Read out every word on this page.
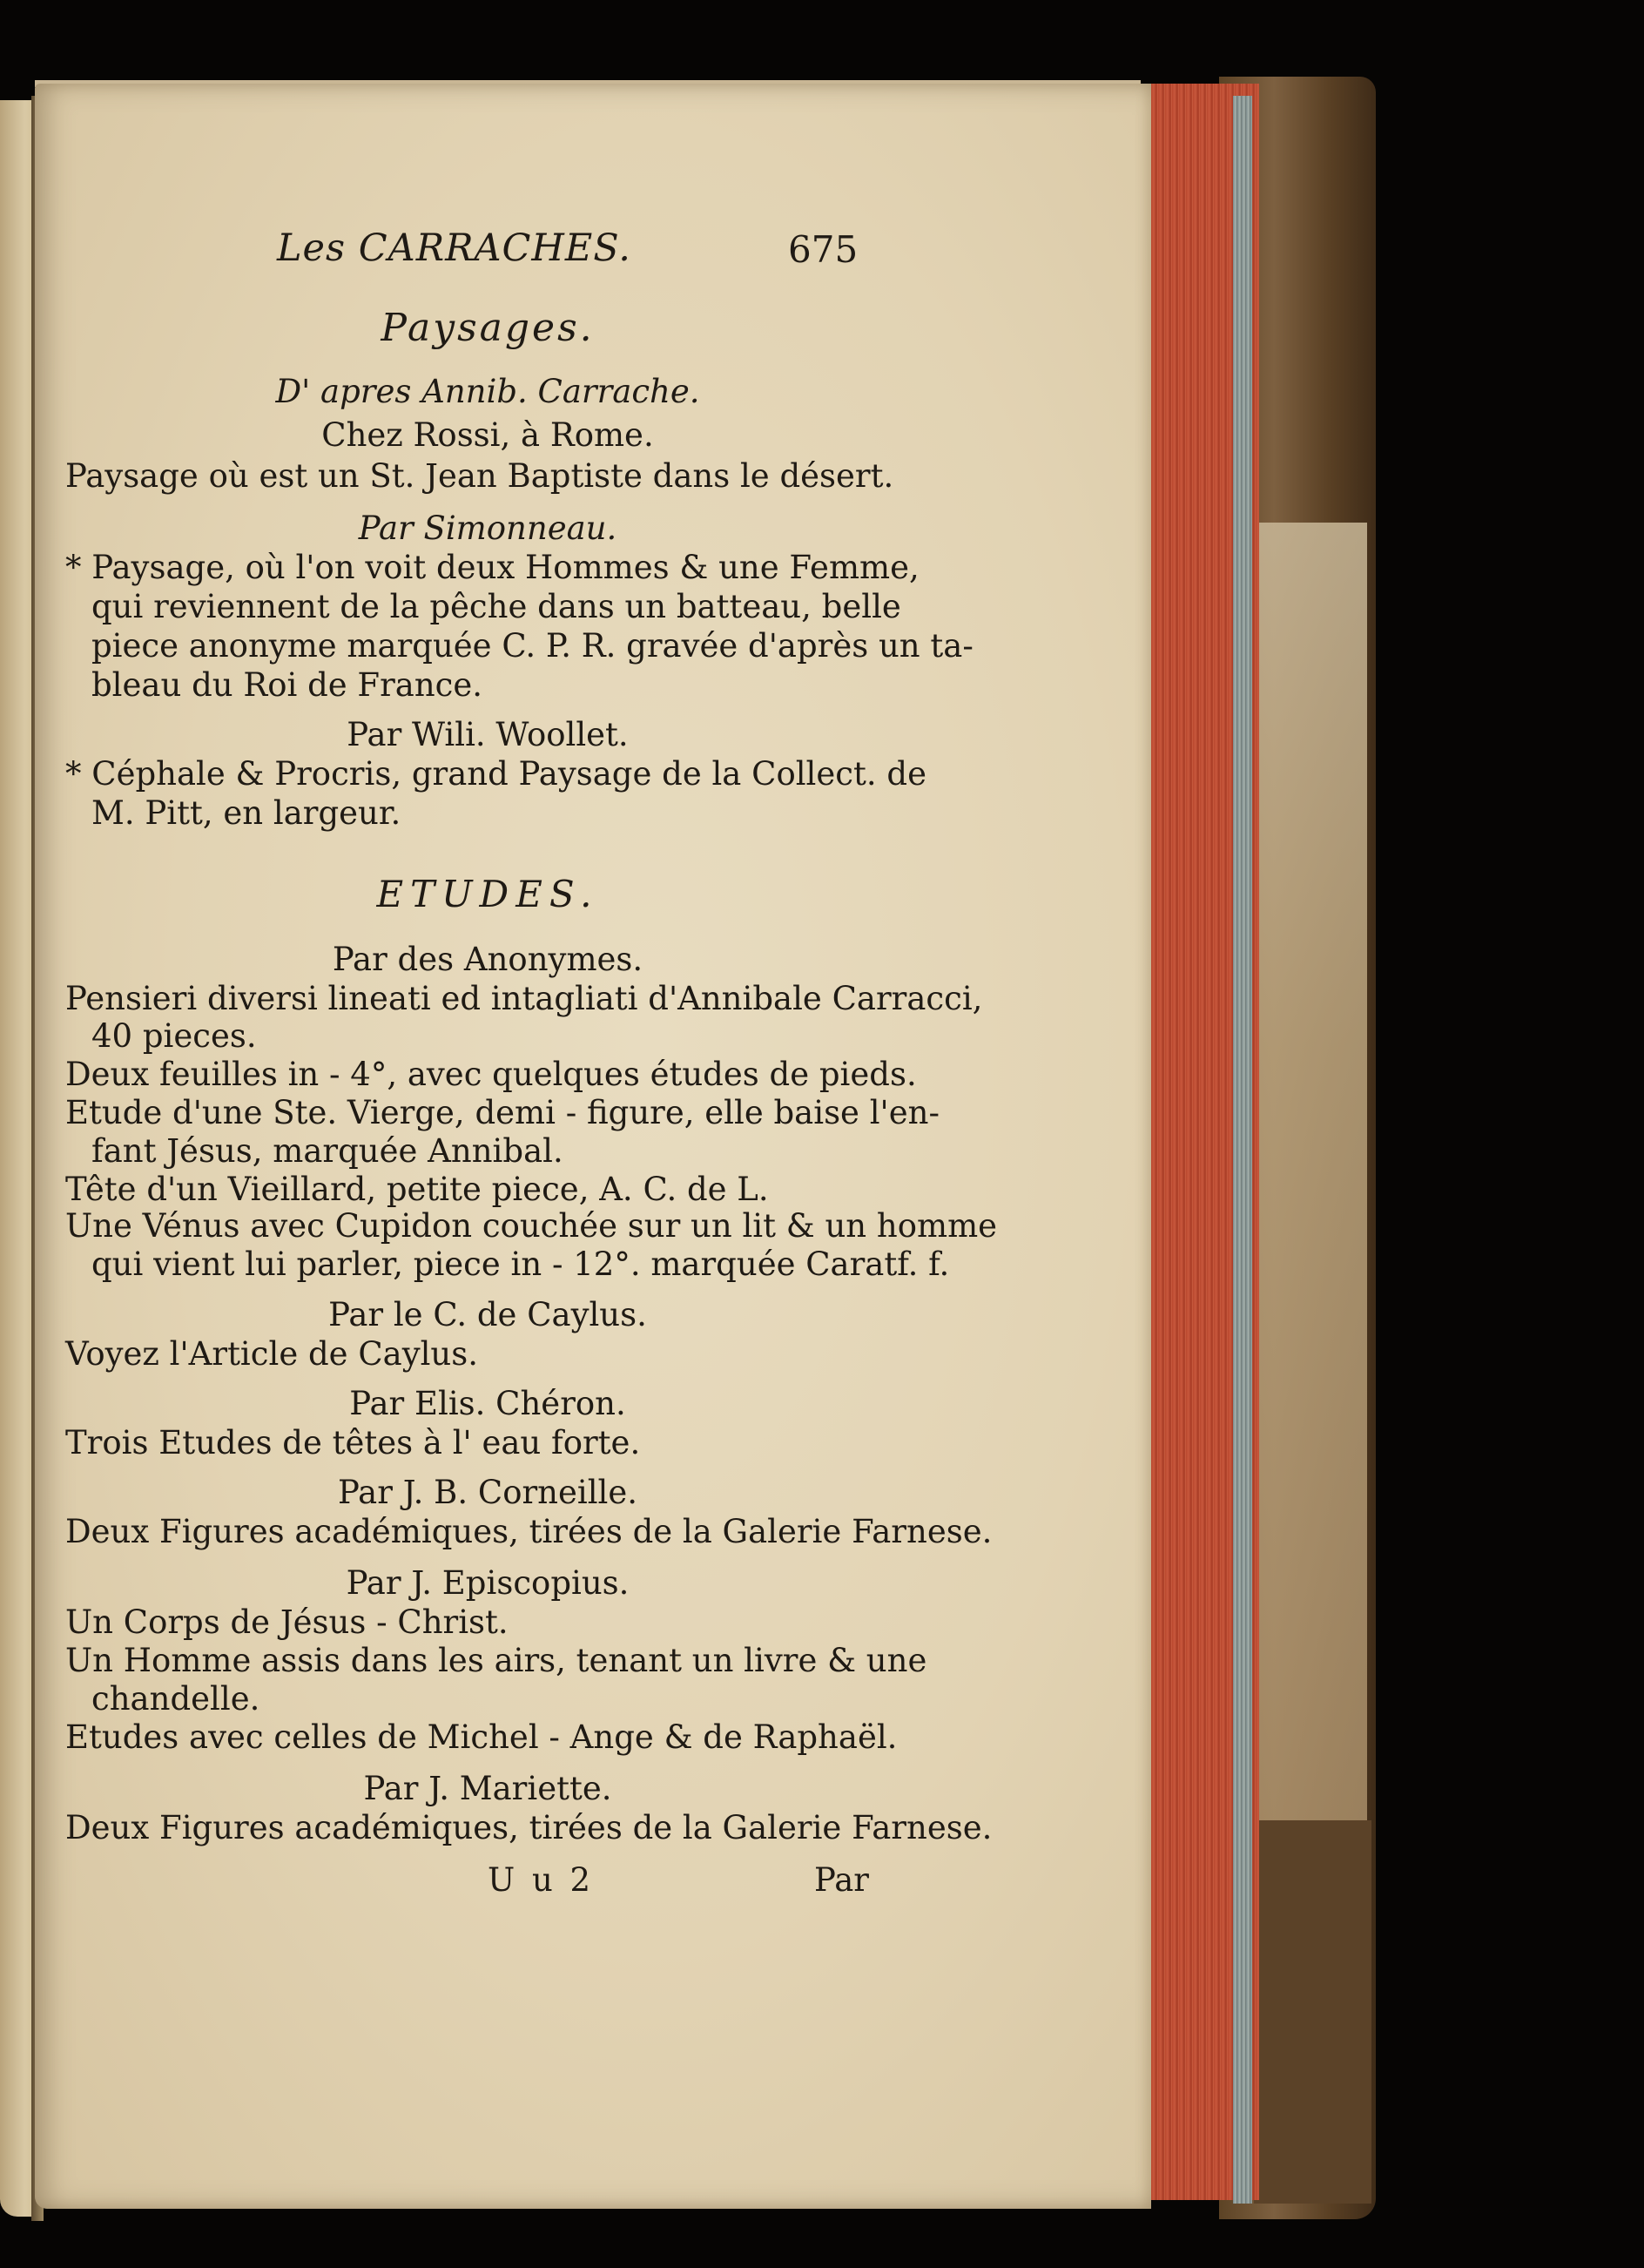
Les CARRACHES.	675
Paysages.
D' apres Annib. Carrache.
Chez Rossi, à Rome.
Paysage où est un St. Jean Baptiste dans le désert.
Par Simonneau.
* Paysage, où l'on voit deux Hommes & une Femme,
qui reviennent de la pêche dans un batteau, belle
piece anonyme marquée C. P. R. gravée d'après un ta-
bleau du Roi de France.
Par Wili. Woollet.
* Céphale & Procris, grand Paysage de la Collect. de
M. Pitt, en largeur.
ETUDES.
Par des Anonymes.
Pensieri diversi lineati ed intagliati d'Annibale Carracci,
40 pieces.
Deux feuilles in - 4°, avec quelques études de pieds.
Etude d'une Ste. Vierge, demi - figure, elle baise l'en-
fant Jésus, marquée Annibal.
Tête d'un Vieillard, petite piece, A. C. de L.
Une Vénus avec Cupidon couchée sur un lit & un homme
qui vient lui parler, piece in - 12°. marquée Caratf. f.
Par le C. de Caylus.
Voyez l'Article de Caylus.
Par Elis. Chéron.
Trois Etudes de têtes à l' eau forte.
Par J. B. Corneille.
Deux Figures académiques, tirées de la Galerie Farnese.
Par J. Episcopius.
Un Corps de Jésus - Christ.
Un Homme assis dans les airs, tenant un livre & une
chandelle.
Etudes avec celles de Michel - Ange & de Raphaël.
Par J. Mariette.
Deux Figures académiques, tirées de la Galerie Farnese.
U u 2	Par
